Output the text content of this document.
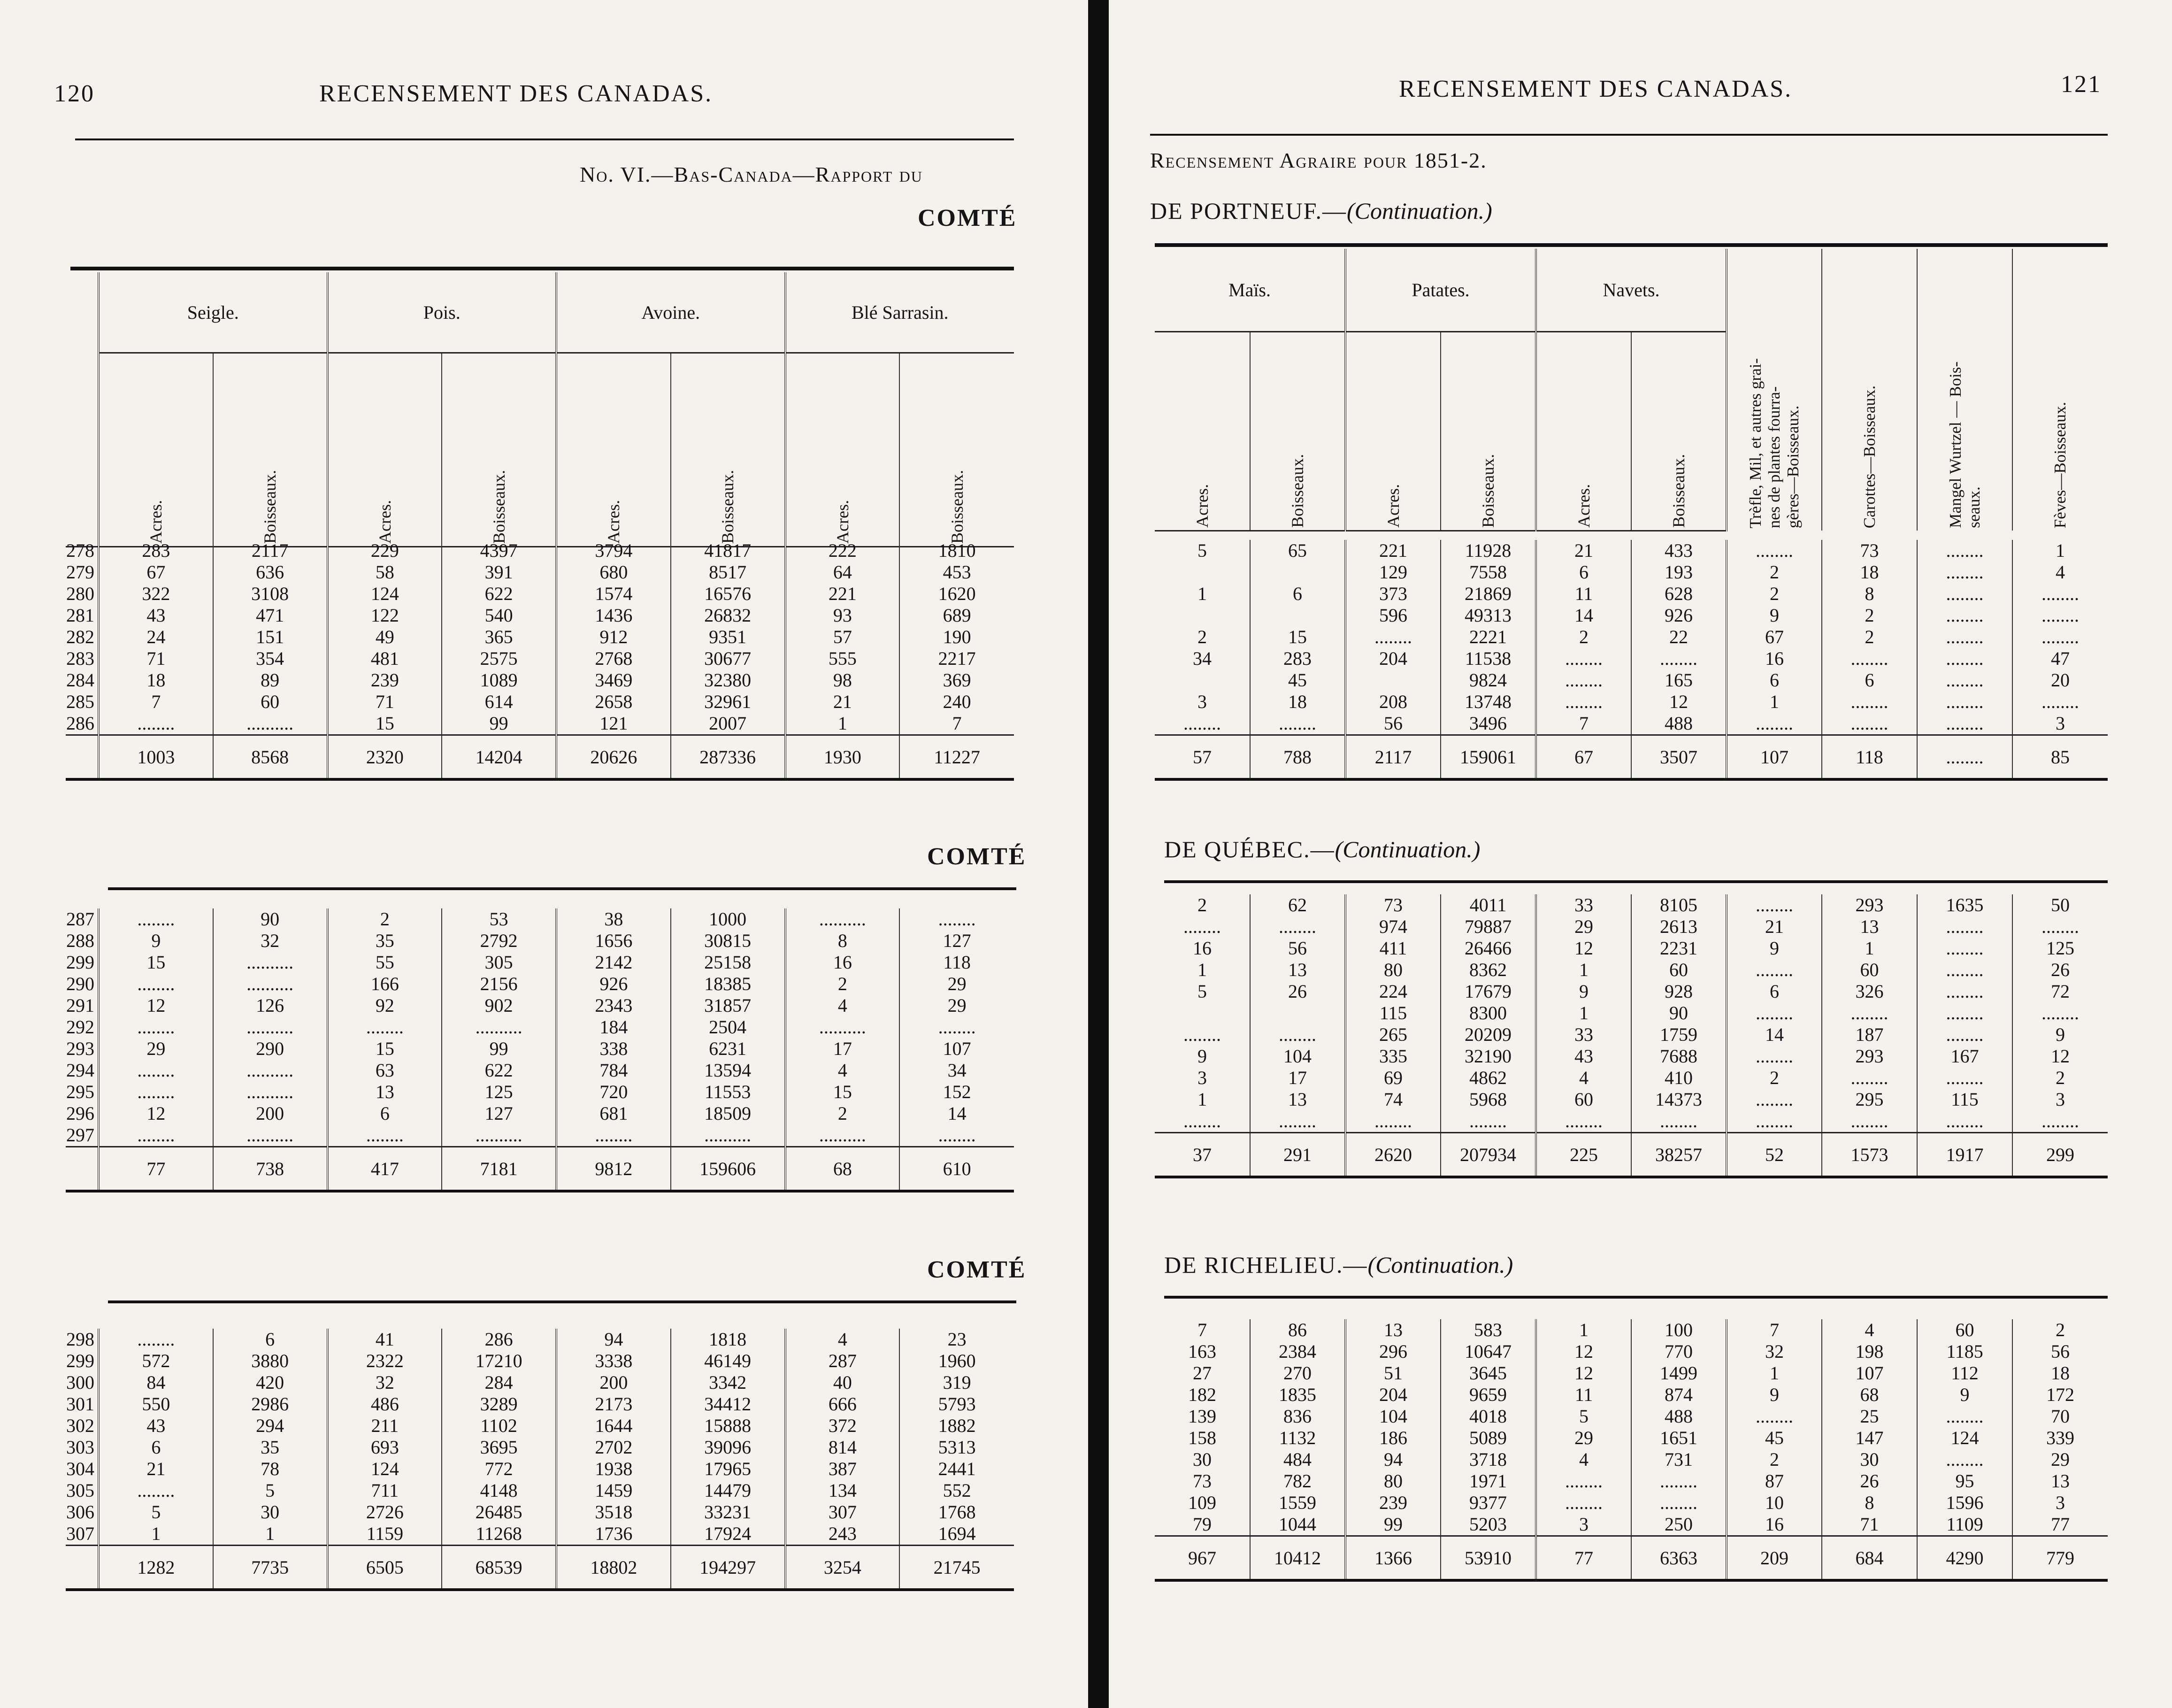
120	RECENSEMENT DES CANADAS.
No. VI.—Bas-Canada—Rapport du
COMTÉ
	Seigle.		Pois.		Avoine.		Blé Sarrasin.	
	Acres.	Boisseaux.	Acres.	Boisseaux.	Acres.	Boisseaux.	Acres.	Boisseaux.
278	283	2117	229	4397	3794	41817	222	1810
279	67	636	58	391	680	8517	64	453
280	322	3108	124	622	1574	16576	221	1620
281	43	471	122	540	1436	26832	93	689
282	24	151	49	365	912	9351	57	190
283	71	354	481	2575	2768	30677	555	2217
284	18	89	239	1089	3469	32380	98	369
285	7	60	71	614	2658	32961	21	240
286	........	..........	15	99	121	2007	1	7
	1003	8568	2320	14204	20626	287336	1930	11227
COMTÉ
287	........	90	2	53	38	1000	..........	........
288	9	32	35	2792	1656	30815	8	127
299	15	..........	55	305	2142	25158	16	118
290	........	..........	166	2156	926	18385	2	29
291	12	126	92	902	2343	31857	4	29
292	........	..........	........	..........	184	2504	..........	........
293	29	290	15	99	338	6231	17	107
294	........	..........	63	622	784	13594	4	34
295	........	..........	13	125	720	11553	15	152
296	12	200	6	127	681	18509	2	14
297	........	..........	........	..........	........	..........	..........	........
	77	738	417	7181	9812	159606	68	610
COMTÉ
298	........	6	41	286	94	1818	4	23
299	572	3880	2322	17210	3338	46149	287	1960
300	84	420	32	284	200	3342	40	319
301	550	2986	486	3289	2173	34412	666	5793
302	43	294	211	1102	1644	15888	372	1882
303	6	35	693	3695	2702	39096	814	5313
304	21	78	124	772	1938	17965	387	2441
305	........	5	711	4148	1459	14479	134	552
306	5	30	2726	26485	3518	33231	307	1768
307	1	1	1159	11268	1736	17924	243	1694
	1282	7735	6505	68539	18802	194297	3254	21745
RECENSEMENT DES CANADAS.	121
Recensement Agraire pour 1851-2.
DE PORTNEUF.—(Continuation.)
Maïs.		Patates.		Navets.		Trèfle, Mil, et autres grai-
nes de plantes fourra-
gères—Boisseaux.	Carottes—Boisseaux.	Mangel Wurtzel — Bois-
seaux.	Fèves—Boisseaux.
Acres.	Boisseaux.	Acres.	Boisseaux.	Acres.	Boisseaux.				
5	65	221	11928	21	433	........	73	........	1
		129	7558	6	193	2	18	........	4
1	6	373	21869	11	628	2	8	........	........
		596	49313	14	926	9	2	........	........
2	15	........	2221	2	22	67	2	........	........
34	283	204	11538	........	........	16	........	........	47
	45		9824	........	165	6	6	........	20
3	18	208	13748	........	12	1	........	........	........
........	........	56	3496	7	488	........	........	........	3
57	788	2117	159061	67	3507	107	118	........	85
DE QUÉBEC.—(Continuation.)
2	62	73	4011	33	8105	........	293	1635	50
........	........	974	79887	29	2613	21	13	........	........
16	56	411	26466	12	2231	9	1	........	125
1	13	80	8362	1	60	........	60	........	26
5	26	224	17679	9	928	6	326	........	72
		115	8300	1	90	........	........	........	........
........	........	265	20209	33	1759	14	187	........	9
9	104	335	32190	43	7688	........	293	167	12
3	17	69	4862	4	410	2	........	........	2
1	13	74	5968	60	14373	........	295	115	3
........	........	........	........	........	........	........	........	........	........
37	291	2620	207934	225	38257	52	1573	1917	299
DE RICHELIEU.—(Continuation.)
7	86	13	583	1	100	7	4	60	2
163	2384	296	10647	12	770	32	198	1185	56
27	270	51	3645	12	1499	1	107	112	18
182	1835	204	9659	11	874	9	68	9	172
139	836	104	4018	5	488	........	25	........	70
158	1132	186	5089	29	1651	45	147	124	339
30	484	94	3718	4	731	2	30	........	29
73	782	80	1971	........	........	87	26	95	13
109	1559	239	9377	........	........	10	8	1596	3
79	1044	99	5203	3	250	16	71	1109	77
967	10412	1366	53910	77	6363	209	684	4290	779
